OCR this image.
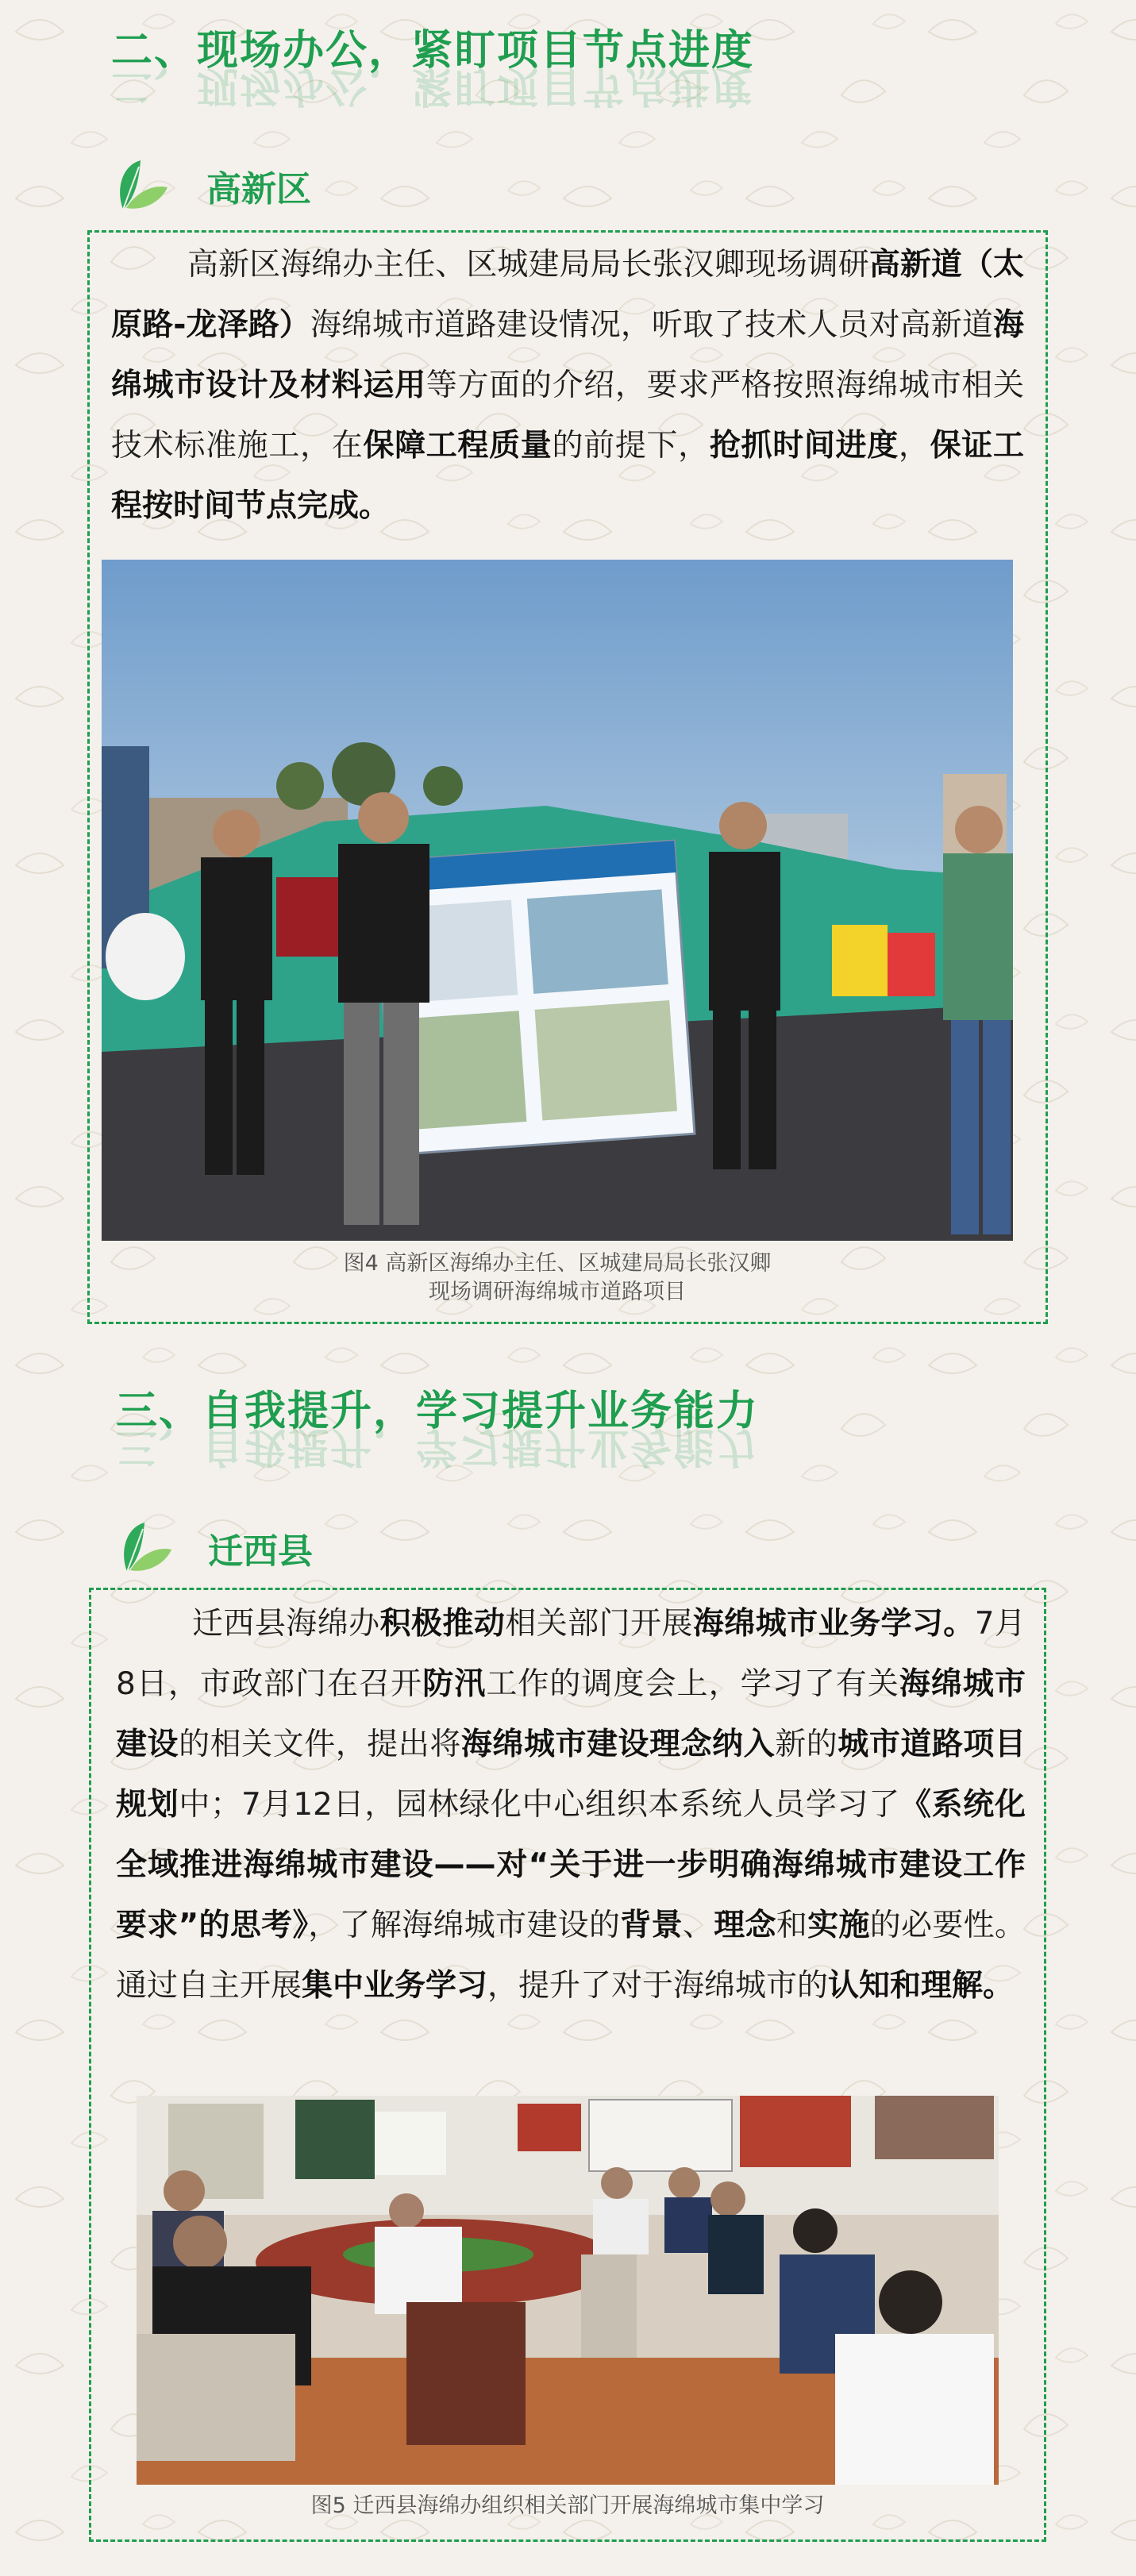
二、现场办公，紧盯项目节点进度
高新区
高新区海绵办主任、区城建局局长张汉卿现场调研高新道（太原路-龙泽路）海绵城市道路建设情况，听取了技术人员对高新道海绵城市设计及材料运用等方面的介绍，要求严格按照海绵城市相关技术标准施工，在保障工程质量的前提下，抢抓时间进度，保证工程按时间节点完成。
图4 高新区海绵办主任、区城建局局长张汉卿
现场调研海绵城市道路项目
三、自我提升，学习提升业务能力
迁西县
迁西县海绵办积极推动相关部门开展海绵城市业务学习。7月8日，市政部门在召开防汛工作的调度会上，学习了有关海绵城市建设的相关文件，提出将海绵城市建设理念纳入新的城市道路项目规划中；7月12日，园林绿化中心组织本系统人员学习了《系统化全域推进海绵城市建设——对“关于进一步明确海绵城市建设工作要求”的思考》，了解海绵城市建设的背景、理念和实施的必要性。通过自主开展集中业务学习，提升了对于海绵城市的认知和理解。
图5 迁西县海绵办组织相关部门开展海绵城市集中学习
